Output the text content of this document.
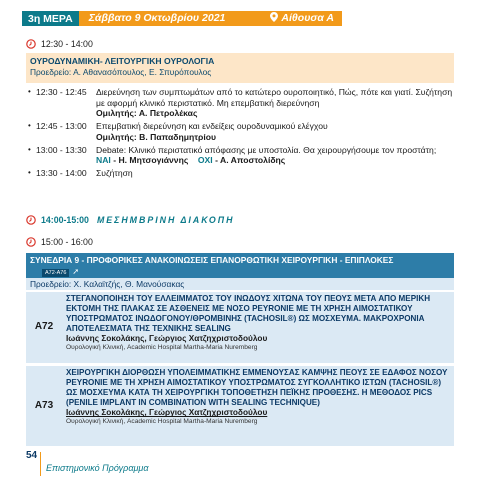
3η ΜΕΡΑ	Σάββατο 9 Οκτωβρίου 2021	Αίθουσα Α
12:30 - 14:00
ΟΥΡΟΔΥΝΑΜΙΚΗ- ΛΕΙΤΟΥΡΓΙΚΗ ΟΥΡΟΛΟΓΙΑ
Προεδρείο: Α. Αθανασόπουλος, Ε. Σπυρόπουλος
• 12:30 - 12:45	Διερεύνηση των συμπτωμάτων από το κατώτερο ουροποιητικό, Πώς, πότε και γιατί. Συζήτηση με αφορμή κλινικό περιστατικό. Μη επεμβατική διερεύνηση
Ομιλητής: Α. Πετρολέκας
• 12:45 - 13:00	Επεμβατική διερεύνηση και ενδείξεις ουροδυναμικού ελέγχου
Ομιλητής: Β. Παπαδημητρίου
• 13:00 - 13:30	Debate: Κλινικό περιστατικό απόφασης με υποστολία. Θα χειρουργήσουμε τον προστάτη;
ΝΑΙ - Η. Μητσογιάννης ΟΧΙ - Α. Αποστολίδης
• 13:30 - 14:00	Συζήτηση
14:00-15:00 ΜΕΣΗΜΒΡΙΝΗ ΔΙΑΚΟΠΗ
15:00 - 16:00
ΣΥΝΕΔΡΙΑ 9 - ΠΡΟΦΟΡΙΚΕΣ ΑΝΑΚΟΙΝΩΣΕΙΣ ΕΠΑΝΟΡΘΩΤΙΚΗ ΧΕΙΡΟΥΡΓΙΚΗ - ΕΠΙΠΛΟΚΕΣ
Α72-Α76 ➚
Προεδρείο: Χ. Καλαϊτζής, Θ. Μανούσακας
Α72
ΣΤΕΓΑΝΟΠΟΙΗΣΗ ΤΟΥ ΕΛΛΕΙΜΜΑΤΟΣ ΤΟΥ ΙΝΩΔΟΥΣ ΧΙΤΩΝΑ ΤΟΥ ΠΕΟΥΣ ΜΕΤΑ ΑΠΟ ΜΕΡΙΚΗ ΕΚΤΟΜΗ ΤΗΣ ΠΛΑΚΑΣ ΣΕ ΑΣΘΕΝΕΙΣ ΜΕ ΝΟΣΟ PEYRONIE ΜΕ ΤΗ ΧΡΗΣΗ ΑΙΜΟΣΤΑΤΙΚΟΥ ΥΠΟΣΤΡΩΜΑΤΟΣ ΙΝΩΔΟΓΟΝΟΥ/ΘΡΟΜΒΙΝΗΣ (TACHOSIL®) ΩΣ ΜΟΣΧΕΥΜΑ. ΜΑΚΡΟΧΡΟΝΙΑ ΑΠΟΤΕΛΕΣΜΑΤΑ ΤΗΣ ΤΕΧΝΙΚΗΣ SEALING
Ιωάννης Σοκολάκης, Γεώργιος Χατζηχριστοδούλου
Ουρολογική Κλινική, Academic Hospital Martha-Maria Nuremberg
Α73
ΧΕΙΡΟΥΡΓΙΚΗ ΔΙΟΡΘΩΣΗ ΥΠΟΛΕΙΜΜΑΤΙΚΗΣ ΕΜΜΕΝΟΥΣΑΣ ΚΑΜΨΗΣ ΠΕΟΥΣ ΣΕ ΕΔΑΦΟΣ ΝΟΣΟΥ PEYRONIE ΜΕ ΤΗ ΧΡΗΣΗ ΑΙΜΟΣΤΑΤΙΚΟΥ ΥΠΟΣΤΡΩΜΑΤΟΣ ΣΥΓΚΟΛΛΗΤΙΚΟ ΙΣΤΩΝ (TACHOSIL®) ΩΣ ΜΟΣΧΕΥΜΑ ΚΑΤΑ ΤΗ ΧΕΙΡΟΥΡΓΙΚΗ ΤΟΠΟΘΕΤΗΣΗ ΠΕΪΚΗΣ ΠΡΟΘΕΣΗΣ. Η ΜΕΘΟΔΟΣ PICS (PENILE IMPLANT IN COMBINATION WITH SEALING TECHNIQUE)
Ιωάννης Σοκολάκης, Γεώργιος Χατζηχριστοδούλου
Ουρολογική Κλινική, Academic Hospital Martha-Maria Nuremberg
54
Επιστημονικό Πρόγραμμα
